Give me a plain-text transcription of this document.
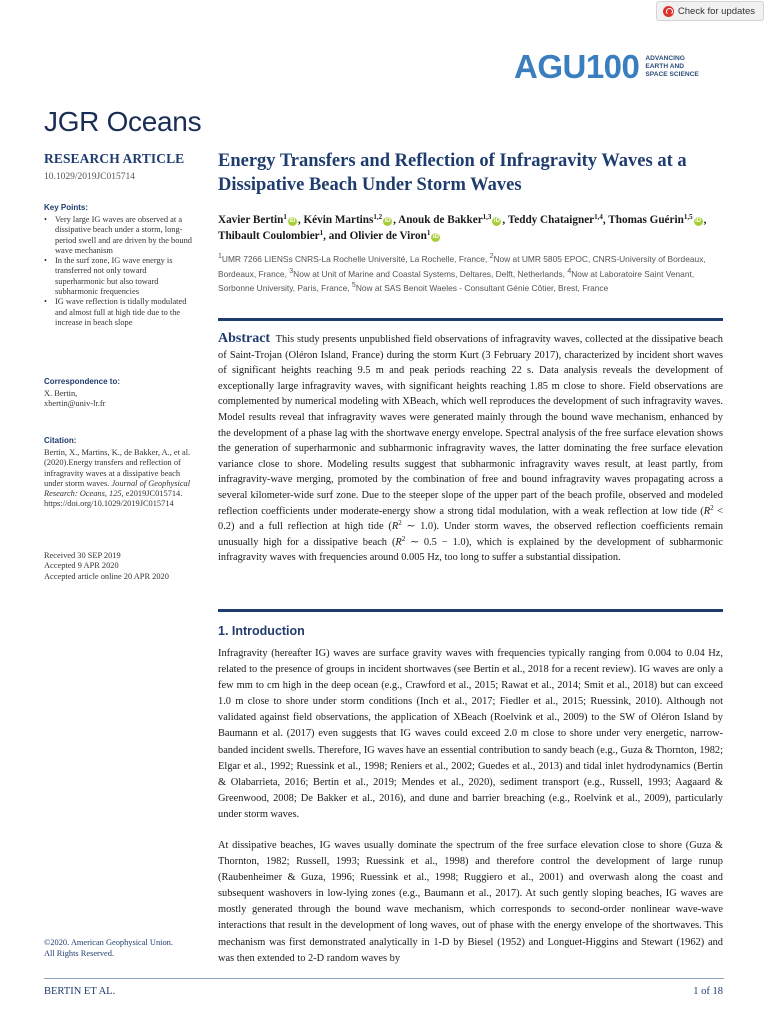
Check for updates
AGU100 ADVANCING
EARTH AND
SPACE SCIENCE
JGR Oceans
RESEARCH ARTICLE
10.1029/2019JC015714
Key Points:
• Very large IG waves are observed at a dissipative beach under a storm, long-period swell and are driven by the bound wave mechanism
• In the surf zone, IG wave energy is transferred not only toward superharmonic but also toward subharmonic frequencies
• IG wave reflection is tidally modulated and almost full at high tide due to the increase in beach slope
Correspondence to:
X. Bertin,
xbertin@univ-lr.fr
Citation:
Bertin, X., Martins, K., de Bakker, A., et al. (2020).Energy transfers and reflection of infragravity waves at a dissipative beach under storm waves. Journal of Geophysical Research: Oceans, 125, e2019JC015714. https://doi.org/10.1029/2019JC015714
Received 30 SEP 2019
Accepted 9 APR 2020
Accepted article online 20 APR 2020
©2020. American Geophysical Union.
All Rights Reserved.
Energy Transfers and Reflection of Infragravity Waves at a Dissipative Beach Under Storm Waves
Xavier Bertin$^1$ iD , Kévin Martins$^{1,2}$ iD , Anouk de Bakker$^{1,3}$ iD , Teddy Chataigner$^{1,4}$, Thomas Guérin$^{1,5}$ iD , Thibault Coulombier$^1$, and Olivier de Viron$^1$ iD
$^1$UMR 7266 LIENSs CNRS-La Rochelle Université, La Rochelle, France, $^2$Now at UMR 5805 EPOC, CNRS-University of Bordeaux, Bordeaux, France, $^3$Now at Unit of Marine and Coastal Systems, Deltares, Delft, Netherlands, $^4$Now at Laboratoire Saint Venant, Sorbonne University, Paris, France, $^5$Now at SAS Benoit Waeles - Consultant Génie Côtier, Brest, France
Abstract This study presents unpublished field observations of infragravity waves, collected at the dissipative beach of Saint-Trojan (Oléron Island, France) during the storm Kurt (3 February 2017), characterized by incident short waves of significant heights reaching 9.5 m and peak periods reaching 22 s. Data analysis reveals the development of exceptionally large infragravity waves, with significant heights reaching 1.85 m close to shore. Field observations are complemented by numerical modeling with XBeach, which well reproduces the development of such infragravity waves. Model results reveal that infragravity waves were generated mainly through the bound wave mechanism, enhanced by the development of a phase lag with the shortwave energy envelope. Spectral analysis of the free surface elevation shows the generation of superharmonic and subharmonic infragravity waves, the latter dominating the free surface elevation variance close to shore. Modeling results suggest that subharmonic infragravity waves result, at least partly, from infragravity-wave merging, promoted by the combination of free and bound infragravity waves propagating across a several kilometer-wide surf zone. Due to the steeper slope of the upper part of the beach profile, observed and modeled reflection coefficients under moderate-energy show a strong tidal modulation, with a weak reflection at low tide $(R^2 < 0.2)$ and a full reflection at high tide ($R^2$ ∼ 1.0). Under storm waves, the observed reflection coefficients remain unusually high for a dissipative beach ($R^2$ ∼ 0.5 − 1.0), which is explained by the development of subharmonic infragravity waves with frequencies around 0.005 Hz, too long to suffer a substantial dissipation.
1. Introduction
Infragravity (hereafter IG) waves are surface gravity waves with frequencies typically ranging from 0.004 to 0.04 Hz, related to the presence of groups in incident shortwaves (see Bertin et al., 2018 for a recent review). IG waves are only a few mm to cm high in the deep ocean (e.g., Crawford et al., 2015; Rawat et al., 2014; Smit et al., 2018) but can exceed 1.0 m close to shore under storm conditions (Inch et al., 2017; Fiedler et al., 2015; Ruessink, 2010). Although not validated against field observations, the application of XBeach (Roelvink et al., 2009) to the SW of Oléron Island by Baumann et al. (2017) even suggests that IG waves could exceed 2.0 m close to shore under very energetic, narrow-banded incident swells. Therefore, IG waves have an essential contribution to sandy beach (e.g., Guza & Thornton, 1982; Elgar et al., 1992; Ruessink et al., 1998; Reniers et al., 2002; Guedes et al., 2013) and tidal inlet hydrodynamics (Bertin & Olabarrieta, 2016; Bertin et al., 2019; Mendes et al., 2020), sediment transport (e.g., Russell, 1993; Aagaard & Greenwood, 2008; De Bakker et al., 2016), and dune and barrier breaching (e.g., Roelvink et al., 2009), particularly under storm waves.
At dissipative beaches, IG waves usually dominate the spectrum of the free surface elevation close to shore (Guza & Thornton, 1982; Russell, 1993; Ruessink et al., 1998) and therefore control the development of large runup (Raubenheimer & Guza, 1996; Ruessink et al., 1998; Ruggiero et al., 2001) and overwash along the coast and subsequent washovers in low-lying zones (e.g., Baumann et al., 2017). At such gently sloping beaches, IG waves are mostly generated through the bound wave mechanism, which corresponds to second-order nonlinear wave-wave interactions that result in the development of long waves, out of phase with the energy envelope of the shortwaves. This mechanism was first demonstrated analytically in 1-D by Biesel (1952) and Longuet-Higgins and Stewart (1962) and was then extended to 2-D random waves by
BERTIN ET AL.	1 of 18
